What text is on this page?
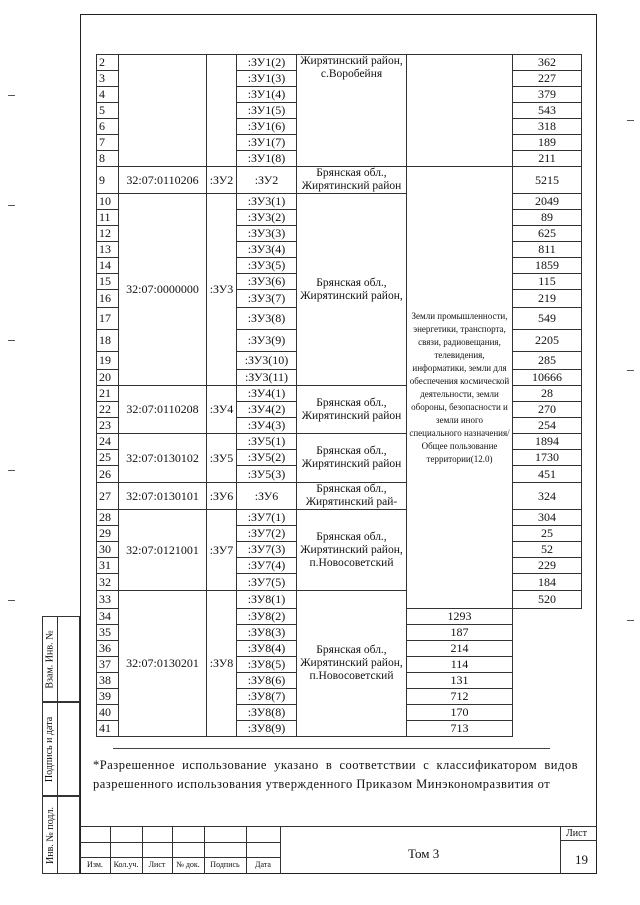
2			:ЗУ1(2)	Жирятинский район, с.Воробейня		362
3			:ЗУ1(3)			227
4			:ЗУ1(4)			379
5			:ЗУ1(5)			543
6			:ЗУ1(6)			318
7			:ЗУ1(7)			189
8			:ЗУ1(8)			211
9	32:07:0110206	:ЗУ2	:ЗУ2	Брянская обл., Жирятинский район	Земли промышленности, энергетики, транспорта, связи, радиовещания, телевидения, информатики, земли для обеспечения космической деятельности, земли обороны, безопасности и земли иного специального назначения/ Общее пользование территории(12.0)	5215
10	32:07:0000000	:ЗУ3	:ЗУ3(1)	Брянская обл., Жирятинский район,		2049
11			:ЗУ3(2)			89
12			:ЗУ3(3)			625
13			:ЗУ3(4)			811
14			:ЗУ3(5)			1859
15			:ЗУ3(6)			115
16			:ЗУ3(7)			219
17			:ЗУ3(8)			549
18			:ЗУ3(9)			2205
19			:ЗУ3(10)			285
20			:ЗУ3(11)			10666
21	32:07:0110208	:ЗУ4	:ЗУ4(1)	Брянская обл., Жирятинский район		28
22			:ЗУ4(2)			270
23			:ЗУ4(3)			254
24	32:07:0130102	:ЗУ5	:ЗУ5(1)	Брянская обл., Жирятинский район		1894
25			:ЗУ5(2)			1730
26			:ЗУ5(3)			451
27	32:07:0130101	:ЗУ6	:ЗУ6	Брянская обл., Жирятинский рай-		324
28	32:07:0121001	:ЗУ7	:ЗУ7(1)	Брянская обл., Жирятинский район, п.Новосоветский		304
29			:ЗУ7(2)			25
30			:ЗУ7(3)			52
31			:ЗУ7(4)			229
32			:ЗУ7(5)			184
33	32:07:0130201	:ЗУ8	:ЗУ8(1)	Брянская обл., Жирятинский район, п.Новосоветский		520
34			:ЗУ8(2)		1293	
35			:ЗУ8(3)		187	
36			:ЗУ8(4)		214	
37			:ЗУ8(5)		114	
38			:ЗУ8(6)		131	
39			:ЗУ8(7)		712	
40			:ЗУ8(8)		170	
41			:ЗУ8(9)		713	
*Разрешенное использование указано в соответствии с классификатором видов разрешенного использования утвержденного Приказом Минэкономразвития от
Взам. Инв. №
Подпись и дата
Инв. № подл.
Изм.	Кол.уч.	Лист	№ док.	Подпись	Дата
Том 3
Лист
19
